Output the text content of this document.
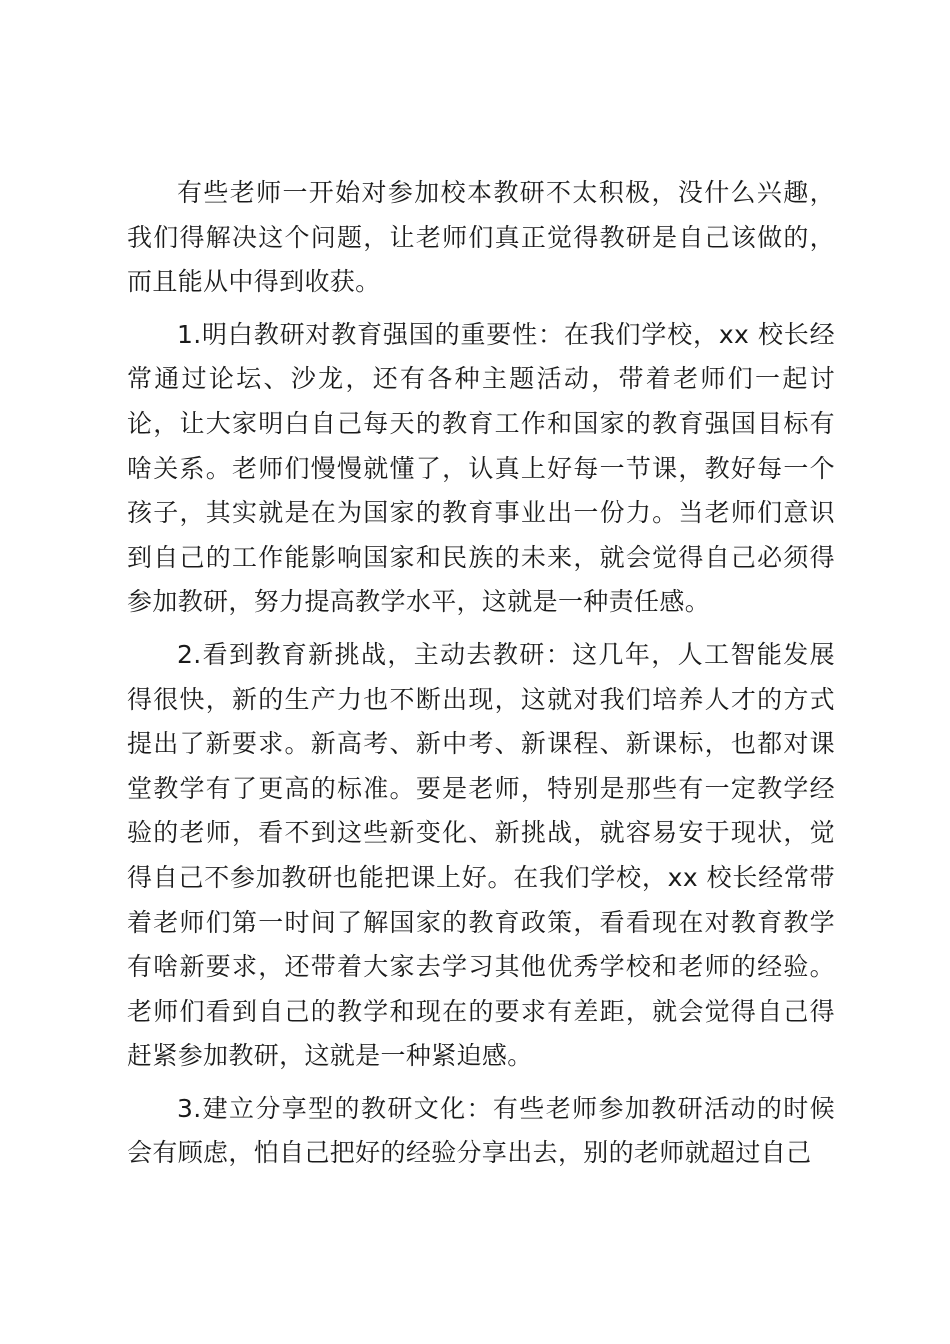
有些老师一开始对参加校本教研不太积极，没什么兴趣，我们得解决这个问题，让老师们真正觉得教研是自己该做的，而且能从中得到收获。

1.明白教研对教育强国的重要性：在我们学校，xx 校长经常通过论坛、沙龙，还有各种主题活动，带着老师们一起讨论，让大家明白自己每天的教育工作和国家的教育强国目标有啥关系。老师们慢慢就懂了，认真上好每一节课，教好每一个孩子，其实就是在为国家的教育事业出一份力。当老师们意识到自己的工作能影响国家和民族的未来，就会觉得自己必须得参加教研，努力提高教学水平，这就是一种责任感。

2.看到教育新挑战，主动去教研：这几年，人工智能发展得很快，新的生产力也不断出现，这就对我们培养人才的方式提出了新要求。新高考、新中考、新课程、新课标，也都对课堂教学有了更高的标准。要是老师，特别是那些有一定教学经验的老师，看不到这些新变化、新挑战，就容易安于现状，觉得自己不参加教研也能把课上好。在我们学校，xx 校长经常带着老师们第一时间了解国家的教育政策，看看现在对教育教学有啥新要求，还带着大家去学习其他优秀学校和老师的经验。老师们看到自己的教学和现在的要求有差距，就会觉得自己得赶紧参加教研，这就是一种紧迫感。

3.建立分享型的教研文化：有些老师参加教研活动的时候会有顾虑，怕自己把好的经验分享出去，别的老师就超过自己
